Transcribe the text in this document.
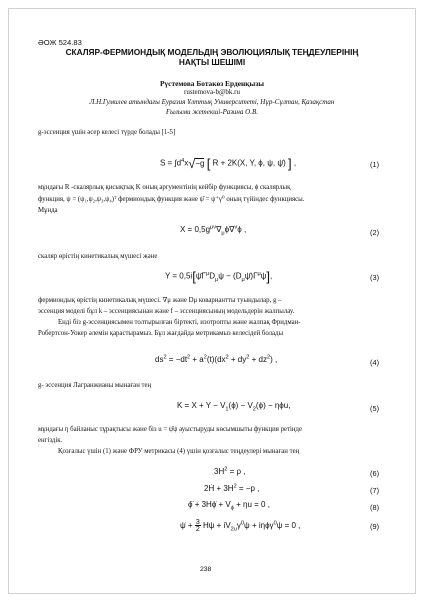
ӘОЖ 524.83
СКАЛЯР-ФЕРМИОНДЫҚ МОДЕЛЬДІҢ ЭВОЛЮЦИЯЛЫҚ ТЕҢДЕУЛЕРІНІҢ
НАҚТЫ ШЕШІМІ
Рүстемова Ботакөз Ерденқызы
rustemova-b@bk.ru
Л.Н.Гумилев атындағы Еуразия Ұлттық Университеті, Нұр-Сұлтан, Қазақстан
Ғылыми жетекші-Разина О.В.
g-эссенция үшін әсер келесі түрде болады [1-5]
$S = \int d^4x√-g$ [ R + 2K(X, Y, ϕ, ψ, ψ̄) ] ,	(1)
мұндағы R -скалярлық қисықтық K оның аргументінің кейбір функциясы, ϕ скалярлық
функция, ψ = (ψ₁,ψ₂,ψ₃,ψ₄)ᵀ фермиондық функция және ψ̄ = ψ⁺γ⁰ оның түйіндес функциясы.
Мұнда
$X = 0,5g^{\mu\nu}\nabla_\mu\phi\nabla^\nu\phi$ ,	(2)
скаляр өрістің кинетикалық мүшесі және
$Y = 0,5i[\psī\Gamma^\mu D_\mu\psi$ − $(D_\mu\psī)\Gamma^\mu\psi$],	(3)
фермиондық өрістің кинетикалық мүшесі. ∇μ және Dμ ковариантты туындылар, g –
эссенция моделі бұл k – эссенциясынан және f – эссенциясының модельдерін жалпылау.
Енді біз g-эссенциясымен толтырылған біртекті, изотропты және жалпақ Фридман-
Робертсон-Уокер әлемін қарастырамыз. Бұл жағдайда метрикамыз келесідей болады
$ds^2 = -dt^2 + a^2(t)(dx^2 + dy^2 + dz^2)$ ,	(4)
g- эссенция Лагранжианы мынаған тең
$K = X + Y - V_1(\phi) - V_2(\phi) - \eta\phi u$,	(5)
мұндағы η байланыс тұрақтысы және біз u = ψ̄ψ ауыстыруды көсымшыты функция ретінде
енгіздік.
Қозғалыс үшін (1) және ФРУ метрикасы (4) үшін қозғалыс теңдеулері мынаған тең
$3H^2 = \rho$ ,	(6)
2Ḣ + $3H^2 = -p$ ,	(7)
ϕ̈ + 3Hϕ̇ + $V_\phi + \eta u = 0$ ,	(8)
ψ̇ + 3
2 $H\psi + iV_{2u}\gamma^0\psi + i\eta\phi\gamma^0\psi = 0$ ,	(9)
238
